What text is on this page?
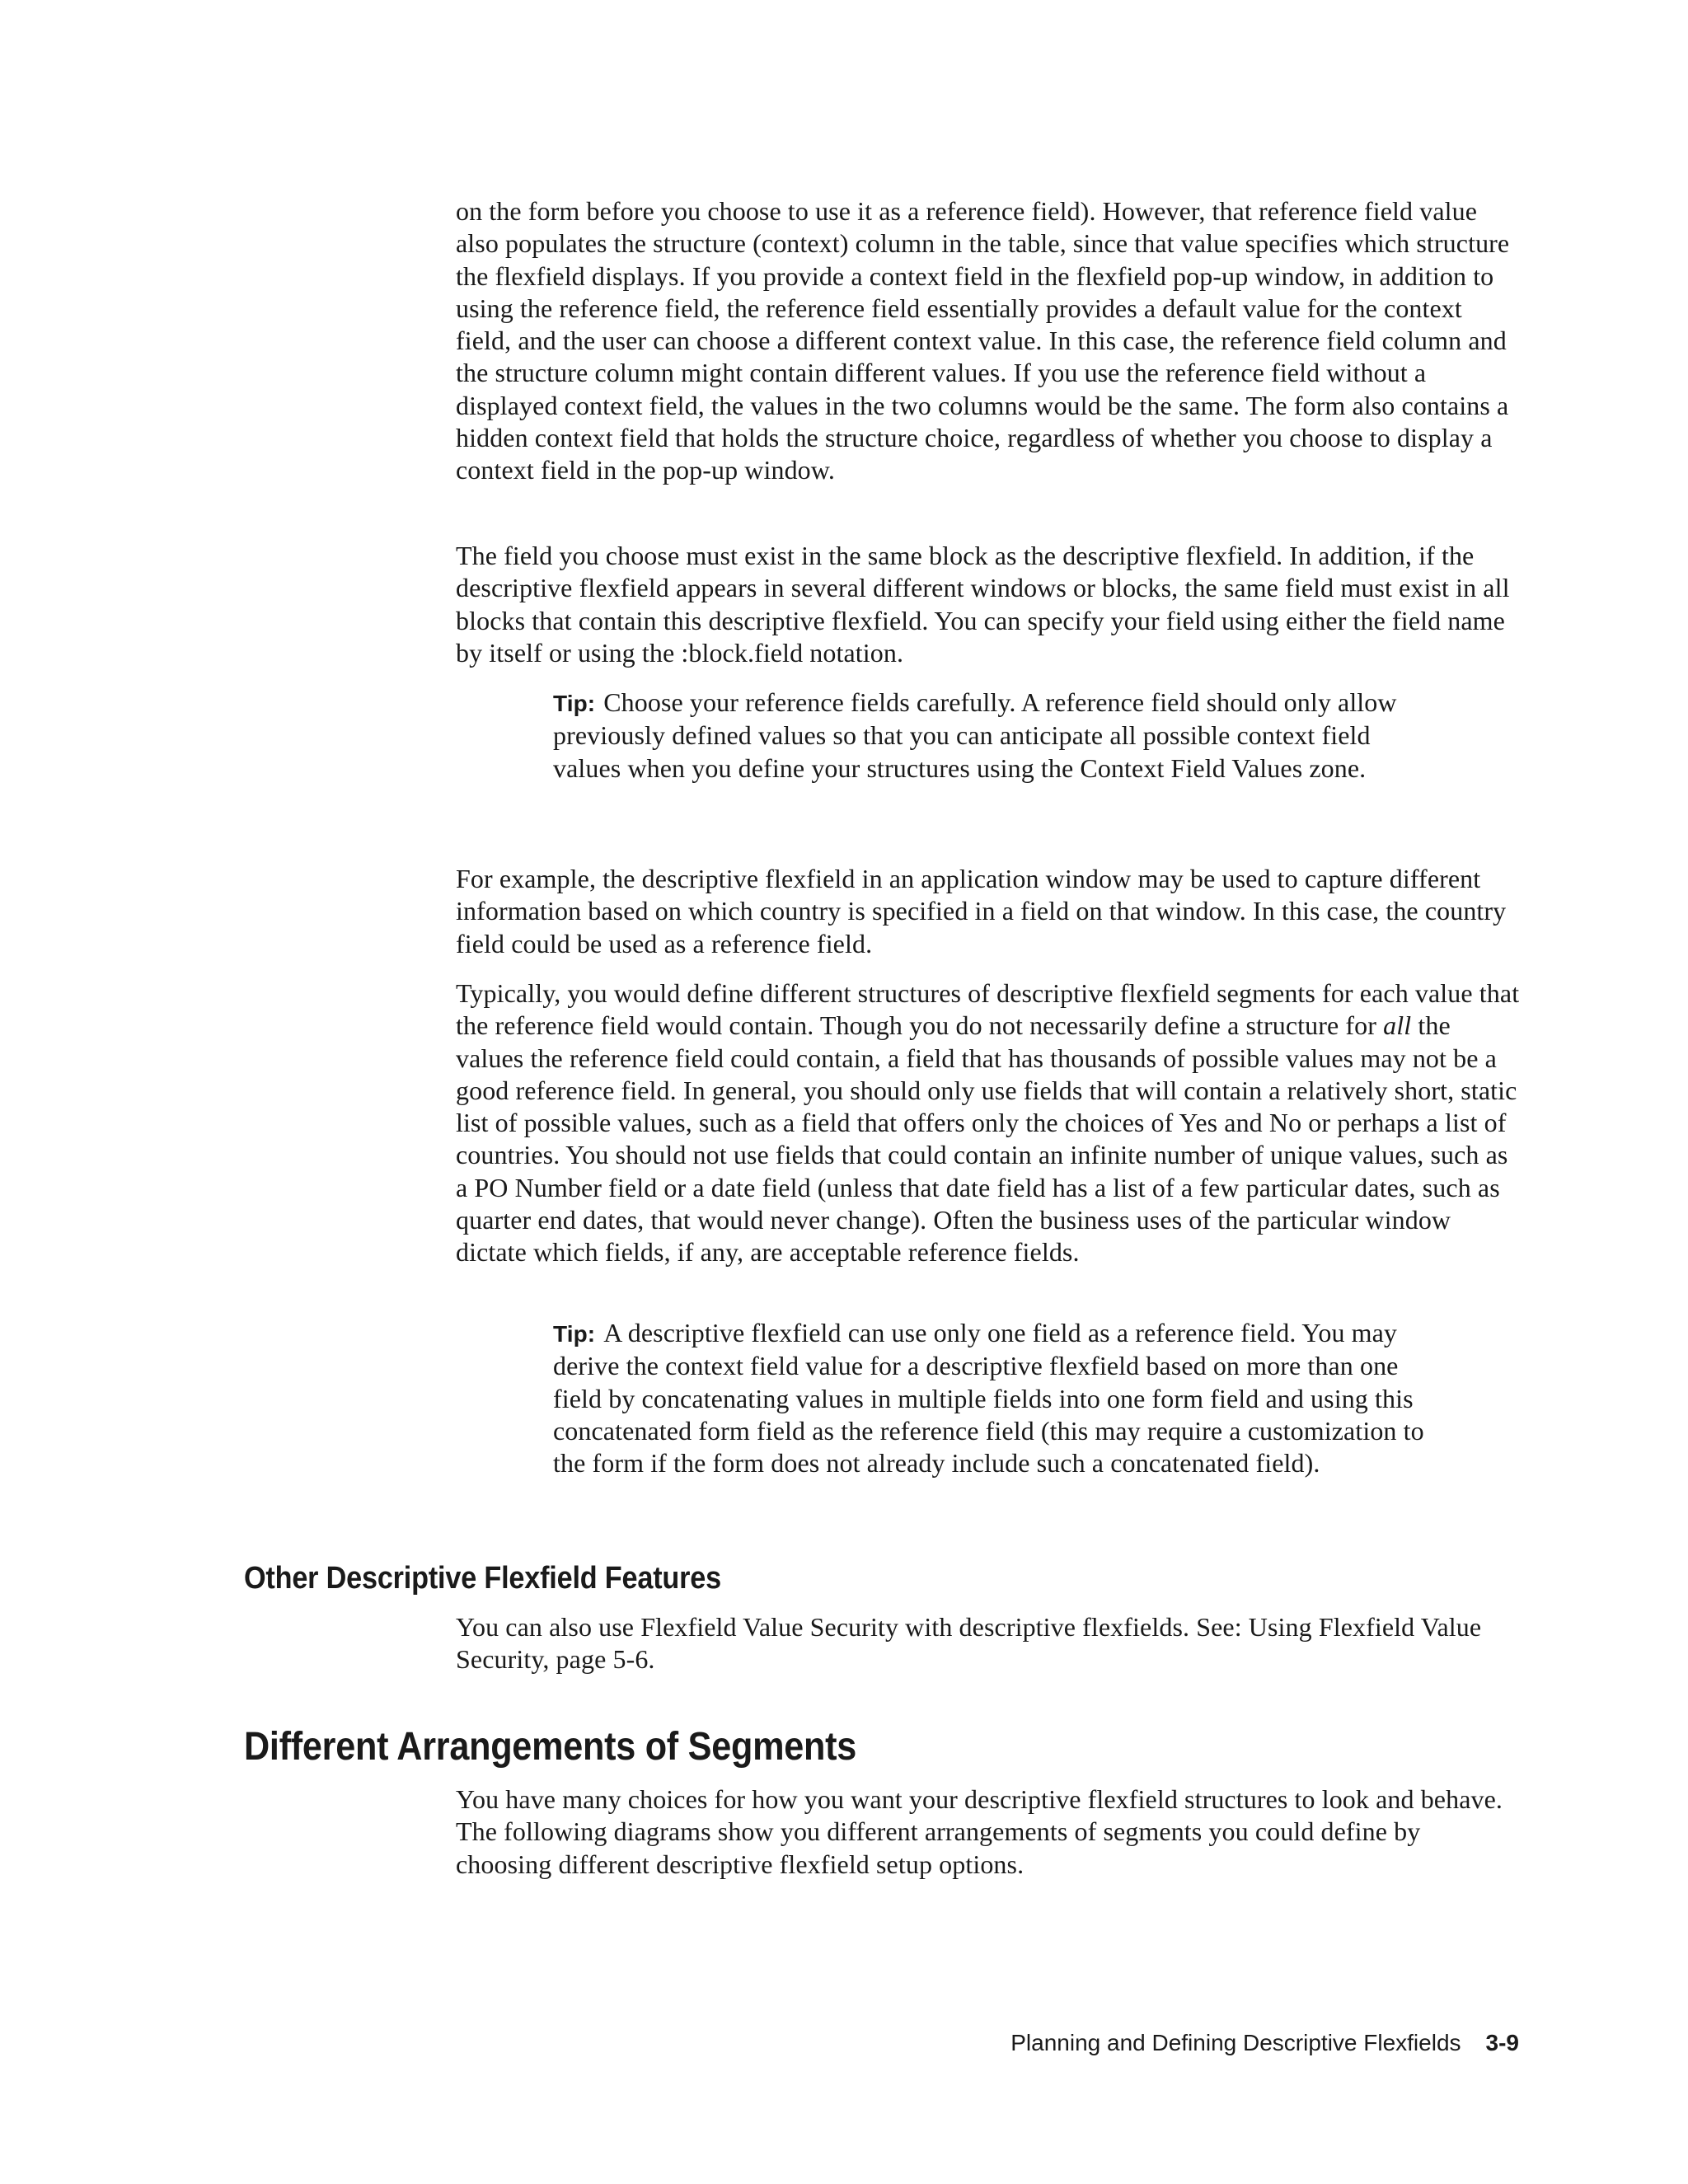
on the form before you choose to use it as a reference field). However, that reference field value also populates the structure (context) column in the table, since that value specifies which structure the flexfield displays. If you provide a context field in the flexfield pop-up window, in addition to using the reference field, the reference field essentially provides a default value for the context field, and the user can choose a different context value. In this case, the reference field column and the structure column might contain different values. If you use the reference field without a displayed context field, the values in the two columns would be the same. The form also contains a hidden context field that holds the structure choice, regardless of whether you choose to display a context field in the pop-up window.

The field you choose must exist in the same block as the descriptive flexfield. In addition, if the descriptive flexfield appears in several different windows or blocks, the same field must exist in all blocks that contain this descriptive flexfield. You can specify your field using either the field name by itself or using the :block.field notation.

Tip: Choose your reference fields carefully. A reference field should only allow previously defined values so that you can anticipate all possible context field values when you define your structures using the Context Field Values zone.

For example, the descriptive flexfield in an application window may be used to capture different information based on which country is specified in a field on that window. In this case, the country field could be used as a reference field.

Typically, you would define different structures of descriptive flexfield segments for each value that the reference field would contain. Though you do not necessarily define a structure for all the values the reference field could contain, a field that has thousands of possible values may not be a good reference field. In general, you should only use fields that will contain a relatively short, static list of possible values, such as a field that offers only the choices of Yes and No or perhaps a list of countries. You should not use fields that could contain an infinite number of unique values, such as a PO Number field or a date field (unless that date field has a list of a few particular dates, such as quarter end dates, that would never change). Often the business uses of the particular window dictate which fields, if any, are acceptable reference fields.

Tip: A descriptive flexfield can use only one field as a reference field. You may derive the context field value for a descriptive flexfield based on more than one field by concatenating values in multiple fields into one form field and using this concatenated form field as the reference field (this may require a customization to the form if the form does not already include such a concatenated field).
Other Descriptive Flexfield Features

You can also use Flexfield Value Security with descriptive flexfields. See: Using Flexfield Value Security, page 5-6.

Different Arrangements of Segments

You have many choices for how you want your descriptive flexfield structures to look and behave. The following diagrams show you different arrangements of segments you could define by choosing different descriptive flexfield setup options.

Planning and Defining Descriptive Flexfields 3-9
